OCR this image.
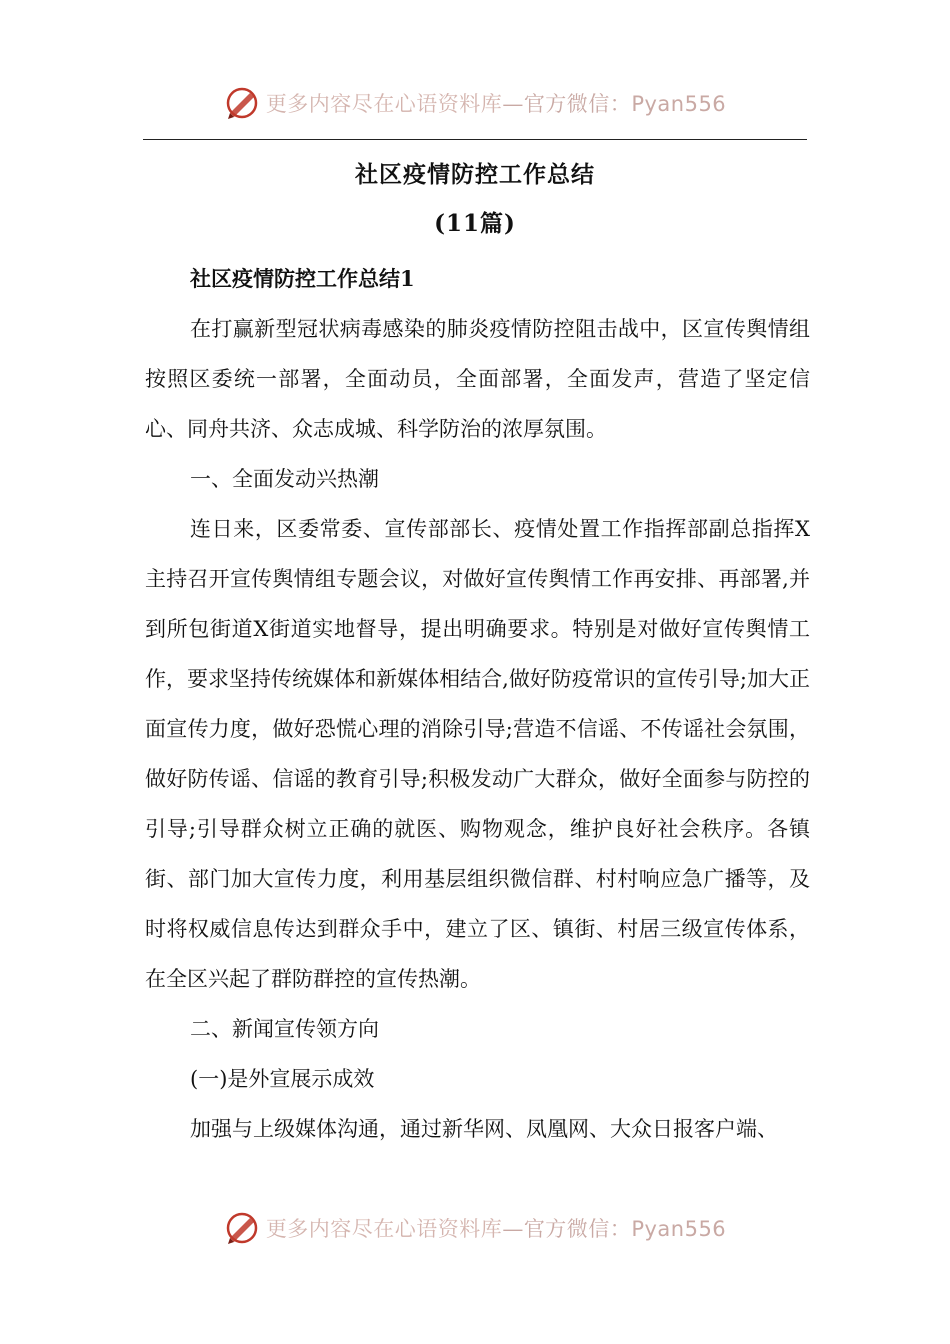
更多内容尽在心语资料库—官方微信：Pyan556
社区疫情防控工作总结
(11篇)

社区疫情防控工作总结1

在打赢新型冠状病毒感染的肺炎疫情防控阻击战中，区宣传舆情组按照区委统一部署，全面动员，全面部署，全面发声，营造了坚定信心、同舟共济、众志成城、科学防治的浓厚氛围。

一、全面发动兴热潮

连日来，区委常委、宣传部部长、疫情处置工作指挥部副总指挥X主持召开宣传舆情组专题会议，对做好宣传舆情工作再安排、再部署,并到所包街道X街道实地督导，提出明确要求。特别是对做好宣传舆情工作，要求坚持传统媒体和新媒体相结合,做好防疫常识的宣传引导;加大正面宣传力度，做好恐慌心理的消除引导;营造不信谣、不传谣社会氛围，做好防传谣、信谣的教育引导;积极发动广大群众，做好全面参与防控的引导;引导群众树立正确的就医、购物观念，维护良好社会秩序。各镇街、部门加大宣传力度，利用基层组织微信群、村村响应急广播等，及时将权威信息传达到群众手中，建立了区、镇街、村居三级宣传体系，在全区兴起了群防群控的宣传热潮。

二、新闻宣传领方向

(一)是外宣展示成效

加强与上级媒体沟通，通过新华网、凤凰网、大众日报客户端、

更多内容尽在心语资料库—官方微信：Pyan556
